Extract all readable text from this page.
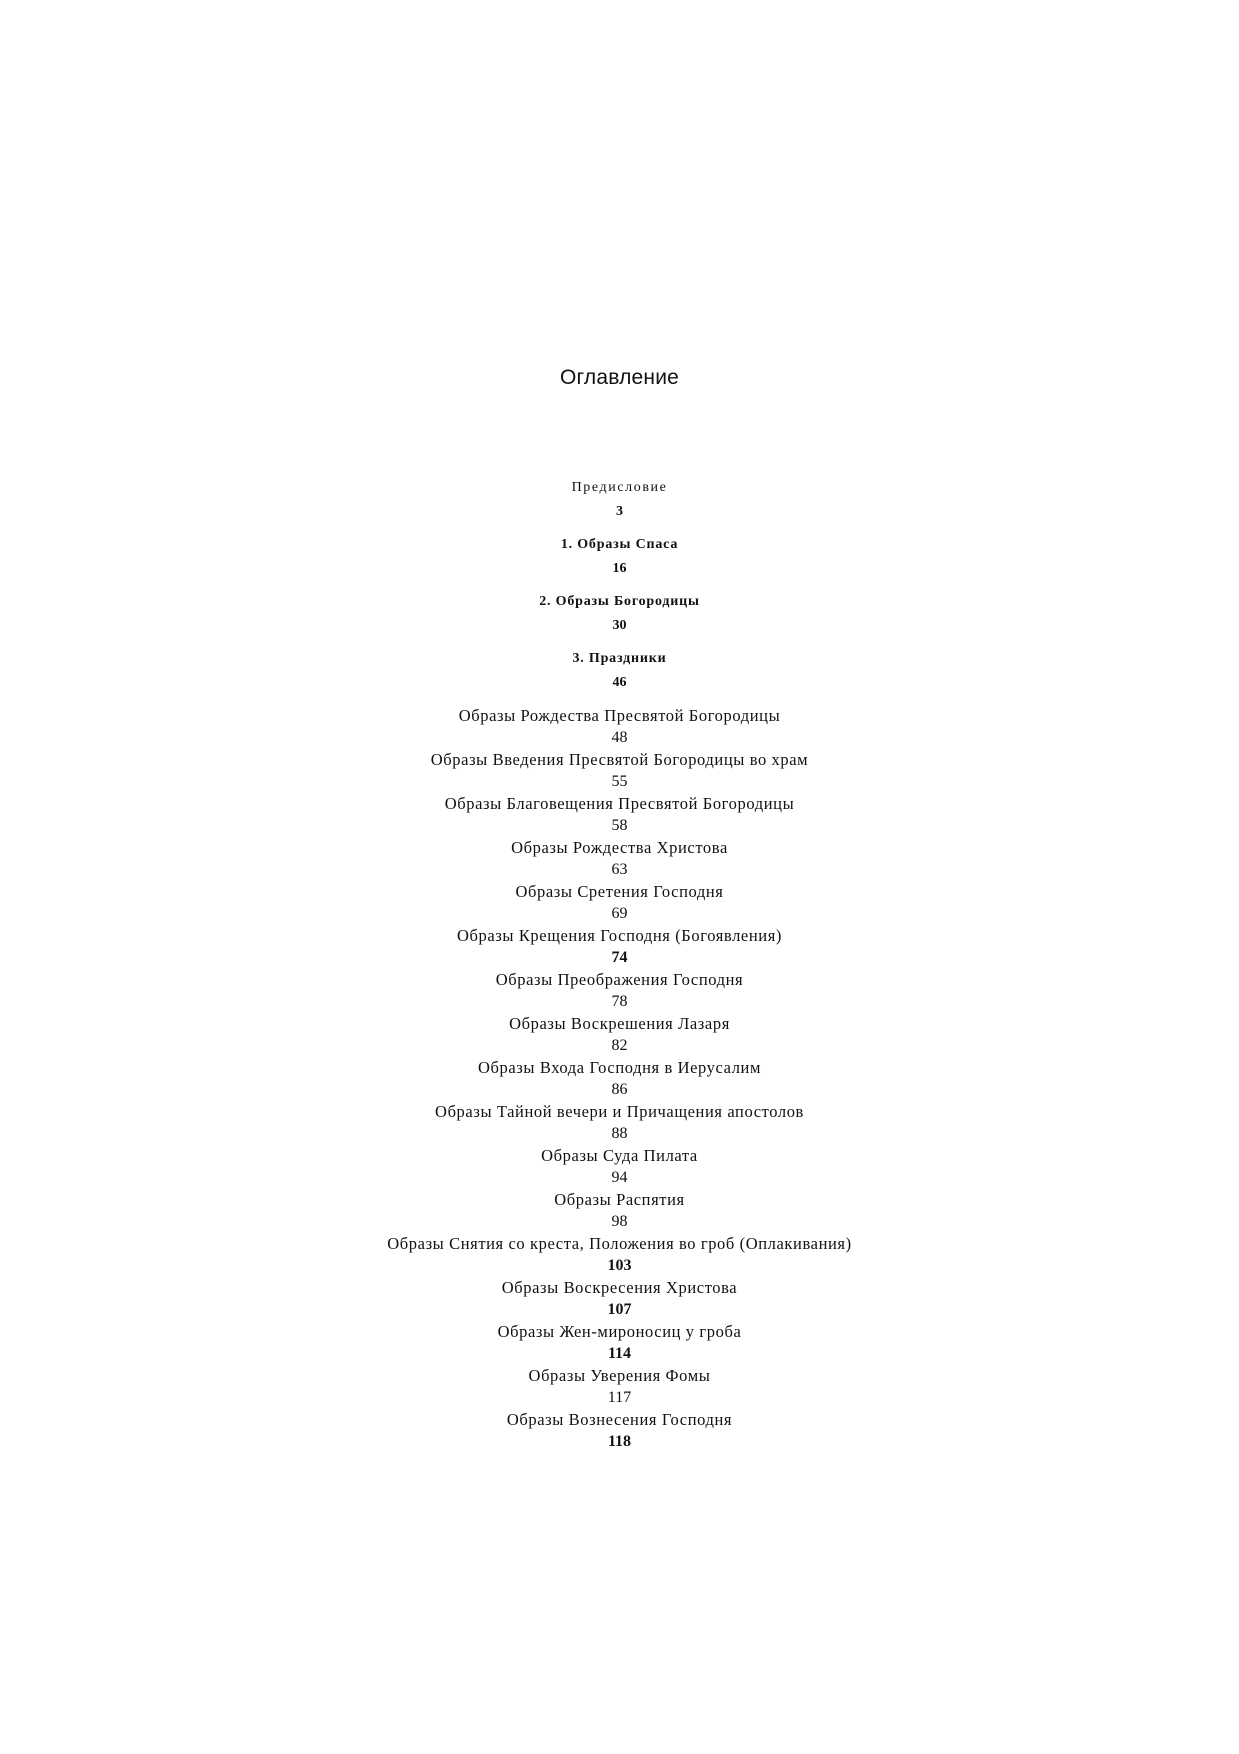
Оглавление
Предисловие
3
1. Образы Спаса
16
2. Образы Богородицы
30
3. Праздники
46
Образы Рождества Пресвятой Богородицы
48
Образы Введения Пресвятой Богородицы во храм
55
Образы Благовещения Пресвятой Богородицы
58
Образы Рождества Христова
63
Образы Сретения Господня
69
Образы Крещения Господня (Богоявления)
74
Образы Преображения Господня
78
Образы Воскрешения Лазаря
82
Образы Входа Господня в Иерусалим
86
Образы Тайной вечери и Причащения апостолов
88
Образы Суда Пилата
94
Образы Распятия
98
Образы Снятия со креста, Положения во гроб (Оплакивания)
103
Образы Воскресения Христова
107
Образы Жен-мироносиц у гроба
114
Образы Уверения Фомы
117
Образы Вознесения Господня
118
